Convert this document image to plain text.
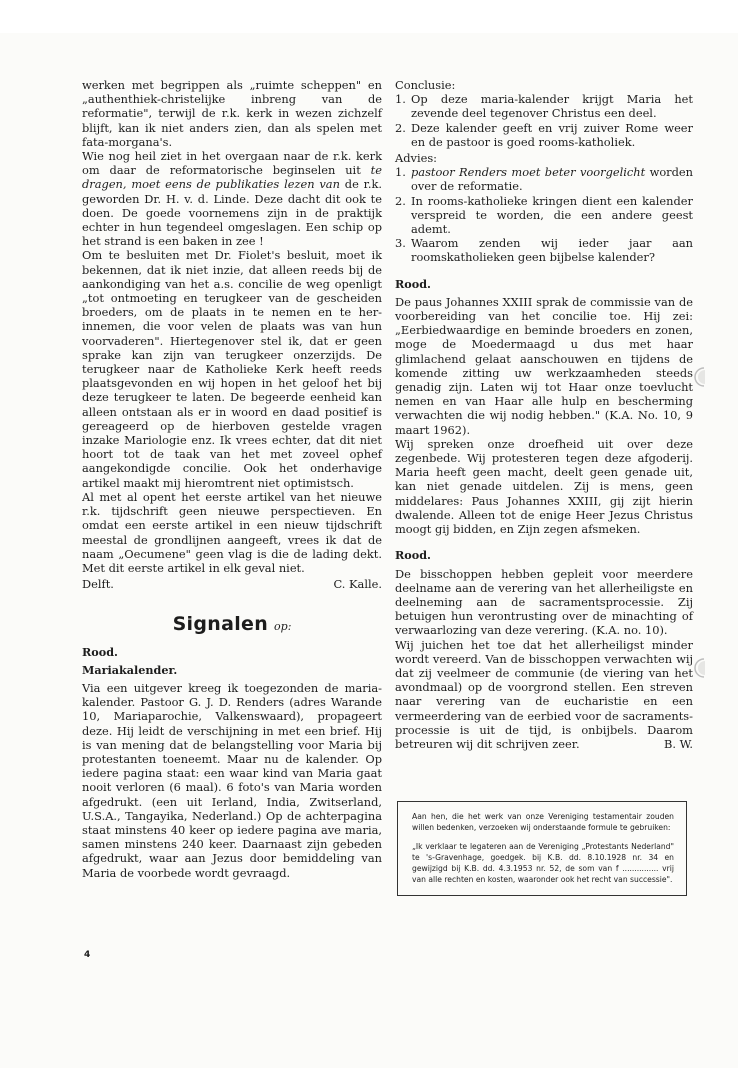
werken met begrippen als „ruimte scheppen" en „authenthiek-christelijke inbreng van de reformatie", terwijl de r.k. kerk in wezen zichzelf blijft, kan ik niet anders zien, dan als spelen met fata-morgana's.

Wie nog heil ziet in het overgaan naar de r.k. kerk om daar de reformatorische beginselen uit te dragen, moet eens de publikaties lezen van de r.k. geworden Dr. H. v. d. Linde. Deze dacht dit ook te doen. De goede voornemens zijn in de praktijk echter in hun tegendeel omgeslagen. Een schip op het strand is een baken in zee !

Om te besluiten met Dr. Fiolet's besluit, moet ik bekennen, dat ik niet inzie, dat alleen reeds bij de aankondiging van het a.s. concilie de weg openligt „tot ontmoeting en terugkeer van de gescheiden broeders, om de plaats in te nemen en te her-innemen, die voor velen de plaats was van hun voorvaderen". Hiertegenover stel ik, dat er geen sprake kan zijn van terugkeer onzerzijds. De terugkeer naar de Katholieke Kerk heeft reeds plaatsgevonden en wij hopen in het geloof het bij deze terugkeer te laten. De begeerde eenheid kan alleen ontstaan als er in woord en daad positief is gereageerd op de hierboven gestelde vragen inzake Mariologie enz. Ik vrees echter, dat dit niet hoort tot de taak van het met zoveel ophef aangekondigde concilie. Ook het onderhavige artikel maakt mij hieromtrent niet optimistsch.

Al met al opent het eerste artikel van het nieuwe r.k. tijdschrift geen nieuwe perspectieven. En omdat een eerste artikel in een nieuw tijdschrift meestal de grondlijnen aangeeft, vrees ik dat de naam „Oecumene" geen vlag is die de lading dekt. Met dit eerste artikel in elk geval niet.

Delft.	C. Kalle.
Signalen op:
Rood.
Mariakalender.

Via een uitgever kreeg ik toegezonden de maria-kalender. Pastoor G. J. D. Renders (adres Warande 10, Mariaparochie, Valkenswaard), propageert deze. Hij leidt de verschijning in met een brief. Hij is van mening dat de belangstelling voor Maria bij protestanten toeneemt. Maar nu de kalender. Op iedere pagina staat: een waar kind van Maria gaat nooit verloren (6 maal). 6 foto's van Maria worden afgedrukt. (een uit Ierland, India, Zwitserland, U.S.A., Tangayika, Nederland.) Op de achterpagina staat minstens 40 keer op iedere pagina ave maria, samen minstens 240 keer. Daarnaast zijn gebeden afgedrukt, waar aan Jezus door bemiddeling van Maria de voorbede wordt gevraagd.

Conclusie:

1. Op deze maria-kalender krijgt Maria het zevende deel tegenover Christus een deel.
2. Deze kalender geeft en vrij zuiver Rome weer en de pastoor is goed rooms-katholiek.

Advies:

1. pastoor Renders moet beter voorgelicht worden over de reformatie.
2. In rooms-katholieke kringen dient een kalender verspreid te worden, die een andere geest ademt.
3. Waarom zenden wij ieder jaar aan roomskatholieken geen bijbelse kalender?
Rood.

De paus Johannes XXIII sprak de commissie van de voorbereiding van het concilie toe. Hij zei: „Eerbiedwaardige en beminde broeders en zonen, moge de Moedermaagd u dus met haar glimlachend gelaat aanschouwen en tijdens de komende zitting uw werkzaamheden steeds genadig zijn. Laten wij tot Haar onze toevlucht nemen en van Haar alle hulp en bescherming verwachten die wij nodig hebben." (K.A. No. 10, 9 maart 1962).

Wij spreken onze droefheid uit over deze zegenbede. Wij protesteren tegen deze afgoderij. Maria heeft geen macht, deelt geen genade uit, kan niet genade uitdelen. Zij is mens, geen middelares: Paus Johannes XXIII, gij zijt hierin dwalende. Alleen tot de enige Heer Jezus Christus moogt gij bidden, en Zijn zegen afsmeken.

Rood.

De bisschoppen hebben gepleit voor meerdere deelname aan de verering van het allerheiligste en deelneming aan de sacramentsprocessie. Zij betuigen hun verontrusting over de minachting of verwaarlozing van deze verering. (K.A. no. 10).

Wij juichen het toe dat het allerheiligst minder wordt vereerd. Van de bisschoppen verwachten wij dat zij veelmeer de communie (de viering van het avondmaal) op de voorgrond stellen. Een streven naar verering van de eucharistie en een vermeerdering van de eerbied voor de sacraments-processie is uit de tijd, is onbijbels. Daarom betreuren wij dit schrijven zeer.	B. W.

Aan hen, die het werk van onze Vereniging testamentair zouden willen bedenken, verzoeken wij onderstaande formule te gebruiken:

„Ik verklaar te legateren aan de Vereniging „Protestants Nederland" te 's-Gravenhage, goedgek. bij K.B. dd. 8.10.1928 nr. 34 en gewijzigd bij K.B. dd. 4.3.1953 nr. 52, de som van f ............... vrij van alle rechten en kosten, waaronder ook het recht van successie".

4
